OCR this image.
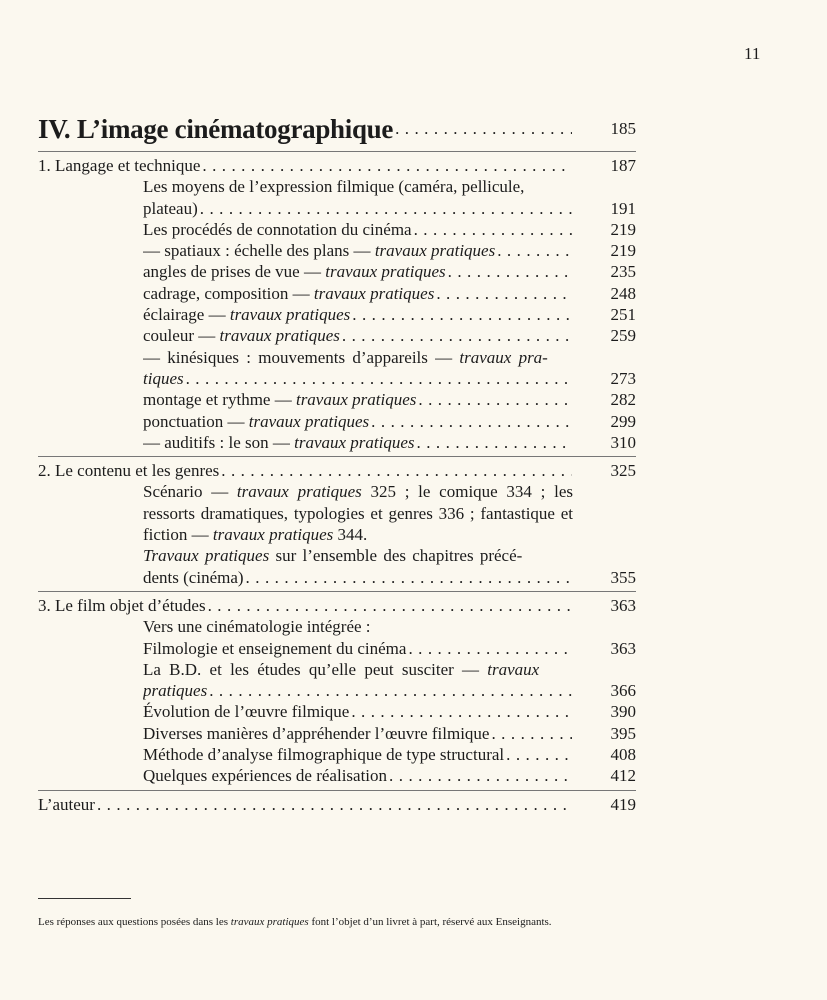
11
IV. L’image cinématographique . . .	185
1. Langage et technique . . .	187
Les moyens de l’expression filmique (caméra, pellicule,
plateau) . . .	191
Les procédés de connotation du cinéma . . .	219
— spatiaux : échelle des plans — travaux pratiques . . .	219
angles de prises de vue — travaux pratiques . . .	235
cadrage, composition — travaux pratiques . . .	248
éclairage — travaux pratiques . . .	251
couleur — travaux pratiques . . .	259
— kinésiques : mouvements d’appareils — travaux pra-
tiques . . .	273
montage et rythme — travaux pratiques . . .	282
ponctuation — travaux pratiques . . .	299
— auditifs : le son — travaux pratiques . . .	310
2. Le contenu et les genres . . .	325
Scénario — travaux pratiques 325 ; le comique 334 ; les ressorts dramatiques, typologies et genres 336 ; fantastique et fiction — travaux pratiques 344.
Travaux pratiques sur l’ensemble des chapitres précé-
dents (cinéma) . . .	355
3. Le film objet d’études . . .	363
Vers une cinématologie intégrée :
Filmologie et enseignement du cinéma . . .	363
La B.D. et les études qu’elle peut susciter — travaux
pratiques . . .	366
Évolution de l’œuvre filmique . . .	390
Diverses manières d’appréhender l’œuvre filmique . . .	395
Méthode d’analyse filmographique de type structural . . .	408
Quelques expériences de réalisation . . .	412
L’auteur . . .	419
Les réponses aux questions posées dans les travaux pratiques font l’objet d’un livret à part, réservé aux Enseignants.
